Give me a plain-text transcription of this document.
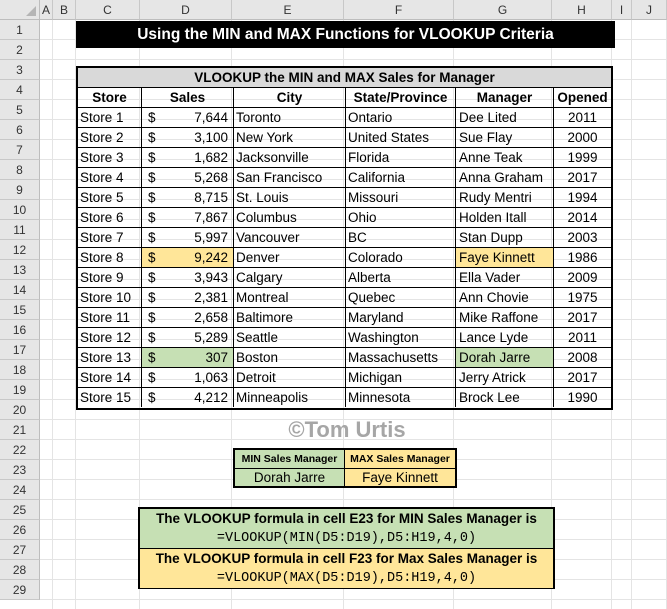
A B	C	D	E	F	G	H	I	J
1
2
3
4
5
6
7
8
9
10
11
12
13
14
15
16
17
18
19
20
21
22
23
24
25
26
27
28
29
Using the MIN and MAX Functions for VLOOKUP Criteria
VLOOKUP the MIN and MAX Sales for Manager
Store	Sales	City	State/Province	Manager	Opened
Store 1	$	7,644 Toronto	Ontario	Dee Lited	2011
Store 2	$	3,100 New York	United States	Sue Flay	2000
Store 3	$	1,682 Jacksonville	Florida	Anne Teak	1999
Store 4	$	5,268 San Francisco	California	Anna Graham	2017
Store 5	$	8,715 St. Louis	Missouri	Rudy Mentri	1994
Store 6	$	7,867 Columbus	Ohio	Holden Itall	2014
Store 7	$	5,997 Vancouver	BC	Stan Dupp	2003
Store 8	$	9,242 Denver	Colorado	Faye Kinnett	1986
Store 9	$	3,943 Calgary	Alberta	Ella Vader	2009
Store 10	$	2,381 Montreal	Quebec	Ann Chovie	1975
Store 11	$	2,658 Baltimore	Maryland	Mike Raffone	2017
Store 12	$	5,289 Seattle	Washington	Lance Lyde	2011
Store 13	$	307 Boston	Massachusetts	Dorah Jarre	2008
Store 14	$	1,063 Detroit	Michigan	Jerry Atrick	2017
Store 15	$	4,212 Minneapolis	Minnesota	Brock Lee	1990
©Tom Urtis
MIN Sales Manager
Dorah Jarre
MAX Sales Manager
Faye Kinnett
The VLOOKUP formula in cell E23 for MIN Sales Manager is
=VLOOKUP(MIN(D5:D19),D5:H19,4,0)
The VLOOKUP formula in cell F23 for Max Sales Manager is
=VLOOKUP(MAX(D5:D19),D5:H19,4,0)
